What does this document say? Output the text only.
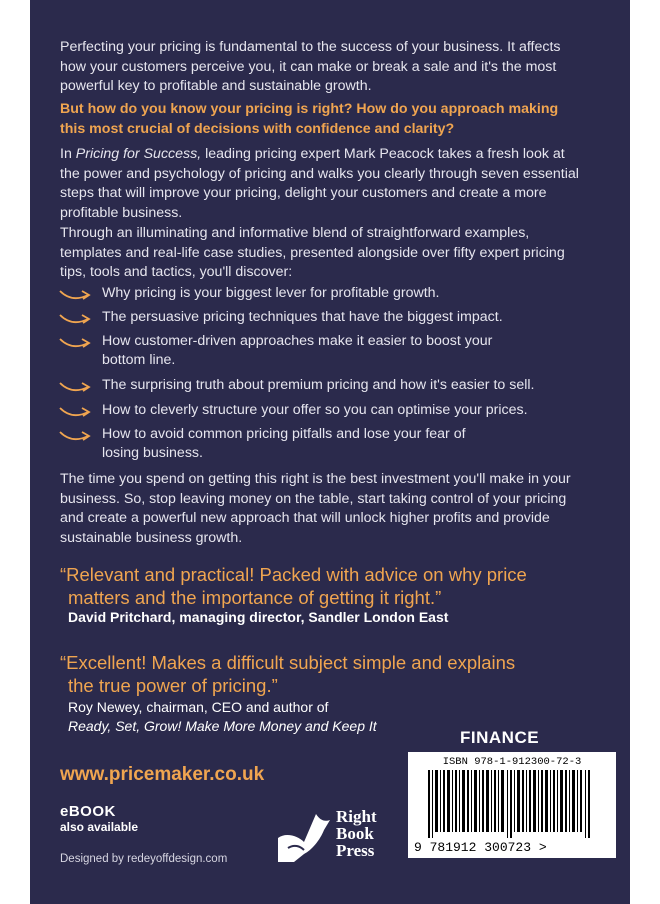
Perfecting your pricing is fundamental to the success of your business. It affects how your customers perceive you, it can make or break a sale and it's the most powerful key to profitable and sustainable growth.
But how do you know your pricing is right? How do you approach making this most crucial of decisions with confidence and clarity?
In Pricing for Success, leading pricing expert Mark Peacock takes a fresh look at the power and psychology of pricing and walks you clearly through seven essential steps that will improve your pricing, delight your customers and create a more profitable business.
Through an illuminating and informative blend of straightforward examples, templates and real-life case studies, presented alongside over fifty expert pricing tips, tools and tactics, you'll discover:
Why pricing is your biggest lever for profitable growth.
The persuasive pricing techniques that have the biggest impact.
How customer-driven approaches make it easier to boost your bottom line.
The surprising truth about premium pricing and how it's easier to sell.
How to cleverly structure your offer so you can optimise your prices.
How to avoid common pricing pitfalls and lose your fear of losing business.
The time you spend on getting this right is the best investment you'll make in your business. So, stop leaving money on the table, start taking control of your pricing and create a powerful new approach that will unlock higher profits and provide sustainable business growth.
“Relevant and practical! Packed with advice on why price
matters and the importance of getting it right.”
David Pritchard, managing director, Sandler London East
“Excellent! Makes a difficult subject simple and explains
the true power of pricing.”
Roy Newey, chairman, CEO and author of
Ready, Set, Grow! Make More Money and Keep It
FINANCE
ISBN 978-1-912300-72-3
9 781912 300723 >
www.pricemaker.co.uk
eBOOK
also available
Right
Book
Press
Designed by redeyoffdesign.com
